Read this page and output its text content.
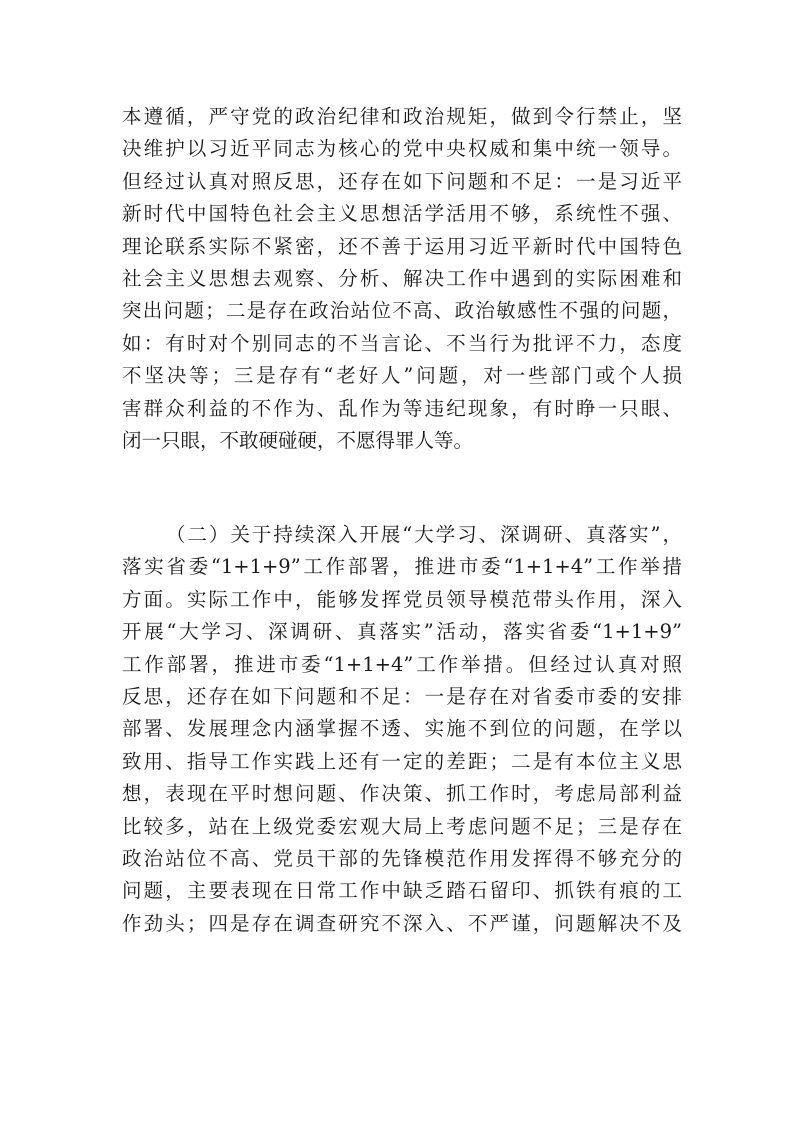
本遵循，严守党的政治纪律和政治规矩，做到令行禁止，坚
决维护以习近平同志为核心的党中央权威和集中统一领导。
但经过认真对照反思，还存在如下问题和不足：一是习近平
新时代中国特色社会主义思想活学活用不够，系统性不强、
理论联系实际不紧密，还不善于运用习近平新时代中国特色
社会主义思想去观察、分析、解决工作中遇到的实际困难和
突出问题；二是存在政治站位不高、政治敏感性不强的问题，
如：有时对个别同志的不当言论、不当行为批评不力，态度
不坚决等；三是存有“老好人”问题，对一些部门或个人损
害群众利益的不作为、乱作为等违纪现象，有时睁一只眼、
闭一只眼，不敢硬碰硬，不愿得罪人等。
（二）关于持续深入开展“大学习、深调研、真落实”，
落实省委“1+1+9”工作部署，推进市委“1+1+4”工作举措
方面。实际工作中，能够发挥党员领导模范带头作用，深入
开展“大学习、深调研、真落实”活动，落实省委“1+1+9”
工作部署，推进市委“1+1+4”工作举措。但经过认真对照
反思，还存在如下问题和不足：一是存在对省委市委的安排
部署、发展理念内涵掌握不透、实施不到位的问题，在学以
致用、指导工作实践上还有一定的差距；二是有本位主义思
想，表现在平时想问题、作决策、抓工作时，考虑局部利益
比较多，站在上级党委宏观大局上考虑问题不足；三是存在
政治站位不高、党员干部的先锋模范作用发挥得不够充分的
问题，主要表现在日常工作中缺乏踏石留印、抓铁有痕的工
作劲头；四是存在调查研究不深入、不严谨，问题解决不及
